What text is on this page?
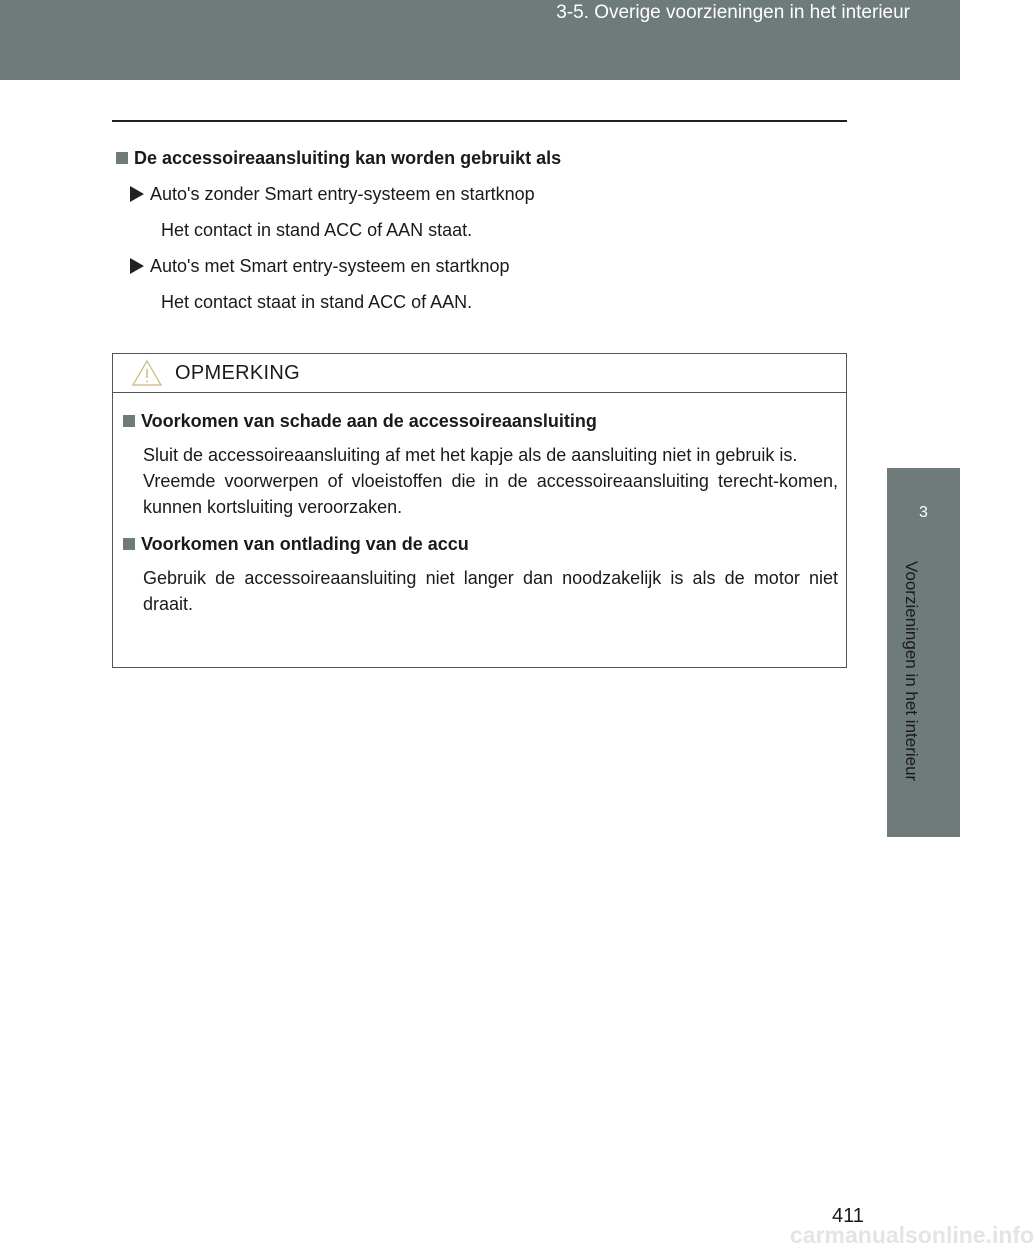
3-5. Overige voorzieningen in het interieur
3
Voorzieningen in het interieur
De accessoireaansluiting kan worden gebruikt als
Auto's zonder Smart entry-systeem en startknop
Het contact in stand ACC of AAN staat.
Auto's met Smart entry-systeem en startknop
Het contact staat in stand ACC of AAN.
OPMERKING
Voorkomen van schade aan de accessoireaansluiting
Sluit de accessoireaansluiting af met het kapje als de aansluiting niet in gebruik is.
Vreemde voorwerpen of vloeistoffen die in de accessoireaansluiting terecht-komen, kunnen kortsluiting veroorzaken.
Voorkomen van ontlading van de accu
Gebruik de accessoireaansluiting niet langer dan noodzakelijk is als de motor niet draait.
411
carmanualsonline.info
